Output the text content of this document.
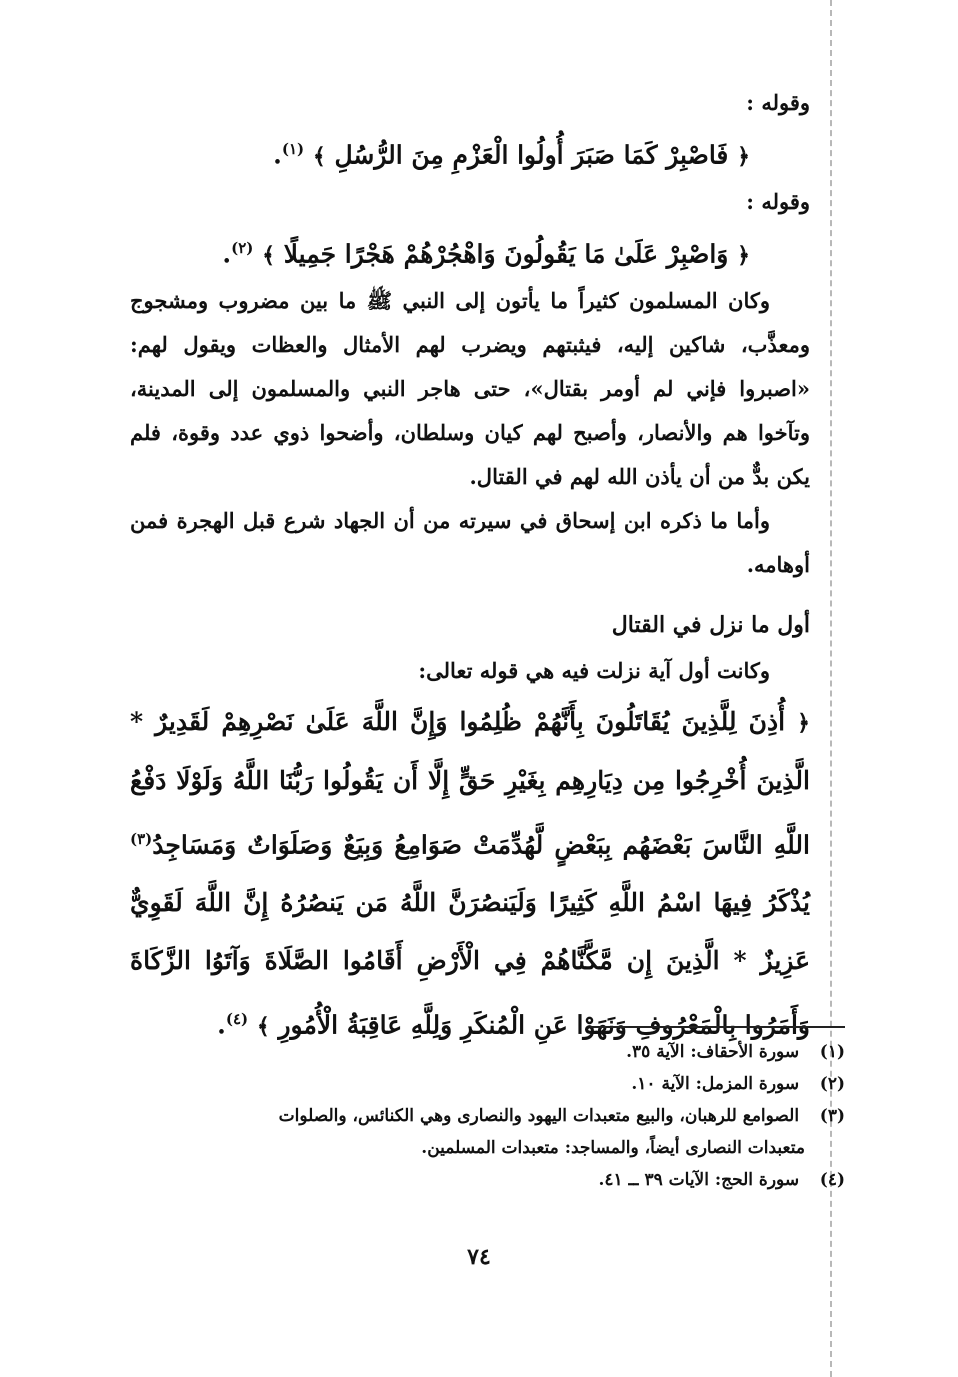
وقوله :

﴿ فَاصْبِرْ كَمَا صَبَرَ أُولُوا الْعَزْمِ مِنَ الرُّسُلِ ﴾ $^{(١)}$.

وقوله :

﴿ وَاصْبِرْ عَلَىٰ مَا يَقُولُونَ وَاهْجُرْهُمْ هَجْرًا جَمِيلًا ﴾ $^{(٢)}$.

وكان المسلمون كثيراً ما يأتون إلى النبي ﷺ ما بين مضروب ومشجوج ومعذَّب، شاكين إليه، فيثبتهم ويضرب لهم الأمثال والعظات ويقول لهم: «اصبروا فإني لم أومر بقتال»، حتى هاجر النبي والمسلمون إلى المدينة، وتآخوا هم والأنصار، وأصبح لهم كيان وسلطان، وأضحوا ذوي عدد وقوة، فلم يكن بدٌّ من أن يأذن الله لهم في القتال.

وأما ما ذكره ابن إسحاق في سيرته من أن الجهاد شرع قبل الهجرة فمن أوهامه.

أول ما نزل في القتال

وكانت أول آية نزلت فيه هي قوله تعالى:

﴿ أُذِنَ لِلَّذِينَ يُقَاتَلُونَ بِأَنَّهُمْ ظُلِمُوا وَإِنَّ اللَّهَ عَلَىٰ نَصْرِهِمْ لَقَدِيرٌ * الَّذِينَ أُخْرِجُوا مِن دِيَارِهِم بِغَيْرِ حَقٍّ إِلَّا أَن يَقُولُوا رَبُّنَا اللَّهُ وَلَوْلَا دَفْعُ اللَّهِ النَّاسَ بَعْضَهُم بِبَعْضٍ لَّهُدِّمَتْ صَوَامِعُ وَبِيَعٌ وَصَلَوَاتٌ وَمَسَاجِدُ$^{(٣)}$ يُذْكَرُ فِيهَا اسْمُ اللَّهِ كَثِيرًا وَلَيَنصُرَنَّ اللَّهُ مَن يَنصُرُهُ إِنَّ اللَّهَ لَقَوِيٌّ عَزِيزٌ * الَّذِينَ إِن مَّكَّنَّاهُمْ فِي الْأَرْضِ أَقَامُوا الصَّلَاةَ وَآتَوُا الزَّكَاةَ وَأَمَرُوا بِالْمَعْرُوفِ وَنَهَوْا عَنِ الْمُنكَرِ وَلِلَّهِ عَاقِبَةُ الْأُمُورِ ﴾ $^{(٤)}$.

(١) سورة الأحقاف: الآية ٣٥.

(٢) سورة المزمل: الآية ١٠.

(٣) الصوامع للرهبان، والبيع متعبدات اليهود والنصارى وهي الكنائس، والصلوات

متعبدات النصارى أيضاً، والمساجد: متعبدات المسلمين.

(٤) سورة الحج: الآيات ٣٩ ــ ٤١.

٧٤
